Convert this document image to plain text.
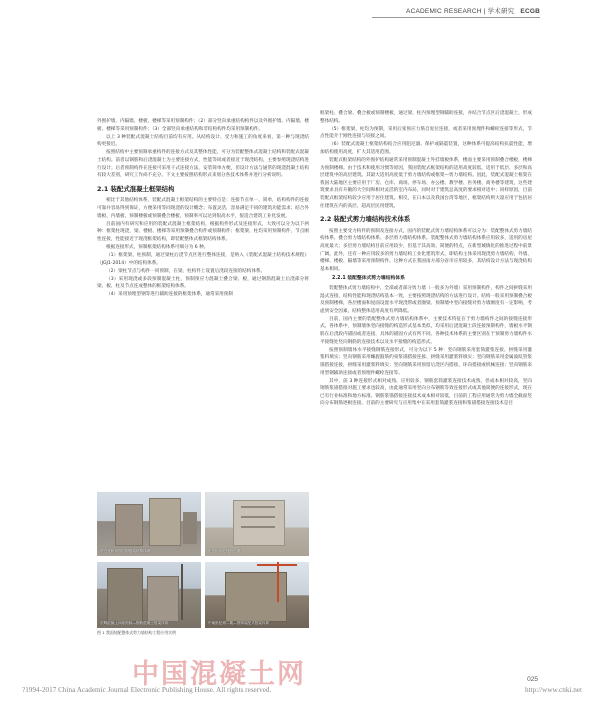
ACADEMIC RESEARCH | 学术研究 ECGB

外围护墙、内隔墙、楼板、楼梯等采用预制构件；（2）部分竖向承重结构构件以及外围护墙、内隔墙、楼板、楼梯等采用预制构件；（3）全部竖向承重结构和非结构构件均采用预制构件。

以上 3 种装配式混凝土结构目前均有应用。从结构设计、受力和施工的角度来看，第一种与现浇结构更接近。

按照结构中主要预制承重构件的连接方式及其整体性能，可分为装配整体式混凝土结构和装配式混凝土结构。前者以钢筋和后浇混凝土为主要连接方式，性能等同或者接近于现浇结构，主要参照现浇结构进行设计；后者预制构件在连接可采用干式连接方法，安装简单方便，但设计方法与通常的现浇混凝土结构有较大差别，研究工作尚不充分。下文主要按照结构形式来划分各技术体系并进行分析说明。

2.1 装配式混凝土框架结构

相比于其他结构体系，装配式混凝土框架结构的主要特点是：连接节点单一、简单，结构构件的连接可靠并容易得到保证，方便采用等同现浇的设计概念；布置灵活，容易满足不同的建筑功能需求；结合外墙板、内墙板、预制楼板或预制叠合楼板，预制率可以达到很高水平，很适合建筑工业化发展。

目前国内有研究和应用的装配式混凝土框架结构，根据构件形式及连接形式，大致可以分为以下两种：框架柱现浇，梁、楼板、楼梯等采用预制叠合构件或预制构件；框架梁、柱均采用预制构件，节点刚性连接，性能接近于现浇框架结构，即装配整体式框架结构体系。

根据连接形式，预制框架结构体系可细分为 6 种。

（1）框架梁、柱预制，通过梁柱后浇节点区进行整体连接，是纳入《装配式混凝土结构技术规程》（JGJ1-2014）中的结构体系。

（2）梁柱节点与构件一同预制，在梁、柱构件上设置后浇段连接的结构体系。

（3）采用现浇或多段预制混凝土柱，预制预应力混凝土叠合梁、板，通过钢筋混凝土后浇部分将梁、板、柱及节点连成整体的框架结构体系。

（4）采用预埋型钢等进行辅助连接的框架体系，通常采用预制

东方花和家园一期框架结构体系	市区污水处理厂一期
宇辉混凝土四家预制—钢筋混凝土框架体系	中南世纪城二期—预制装配式框架体系
图 1 我国装配整体式剪力墙结构工程应用实例

框架柱、叠合梁、叠合板或预制楼板，通过梁、柱内预埋型钢辅助连接，并结合节点区后浇混凝土，形成整体结构。

（5）框架梁、柱均为预制，采用后张预应力筋自复位连接，或者采用预埋件和螺栓连接等形式，节点性能介于刚性连接与铰接之间。

（6）装配式混凝土框架结构结合应用阻尼器、保护或隔震装置，这种体系可提高结构抗震性能，增加结构使用高度，扩大其适用范围。

装配式框架结构的外围护结构通常采用预制混凝土外挂墙板体系，楼面主要采用预制叠合楼板，楼梯为预制楼梯。由于技术和使用习惯等原因，我国装配式框架结构的适用高度较低，适用于低层、多层和高层建筑中的高层建筑。其最大适用高度低于剪力墙结构或框架—剪力墙结构。因此，装配式混凝土框架在我国大陆地区主要应用于厂房、仓库、商场、停车场、办公楼、教学楼、医务楼、商务楼等建筑，这些建筑要求具有开敞的大空间和相对灵活的室内布局，同时对于建筑总高度的要求相对适中；同样原因，目前装配式框架结构较少应用于居住建筑。相反，在日本以及我国台湾等地区，框架结构则大量应用于包括居住建筑在内的高层、超高层民用建筑。

2.2 装配式剪力墙结构技术体系

按照主要受力构件的预制及连接方式，国内的装配式剪力墙结构体系可以分为：装配整体式剪力墙结构体系、叠合剪力墙结构体系、多层剪力墙结构体系。装配整体式剪力墙结构体系应用较多，适用的房屋高度最大；多层剪力墙结构目前应用较少，但基于其高效、简便的特点，在新型城镇化的推进过程中前景广阔。此外，还有一种应用较多的剪力墙结构工业化建筑形式，即结构主体采用现浇剪力墙结构，外墙、楼梯、楼板、隔墙等采用预制构件。这种方式在我国南方部分省市应用较多，其结构设计方法与现浇结构基本相同。

2.2.1 装配整体式剪力墙结构体系

装配整体式剪力墙结构中，全部或者部分剪力墙（一般多为外墙）采用预制构件，构件之间拼缝采用湿式连接，结构性能和现浇结构基本一致，主要按照现浇结构的方法进行设计。结构一般采用预制叠合板及预制楼梯，各层楼面和屋面设置水平现浇带或者圈梁。预制墙中竖向接缝对剪力墙刚度有一定影响，考虑到安全因素，结构整体适用高度有所降低。

目前，国内主要的装配整体式剪力墙结构体系中，主要技术特征在于剪力墙构件之间的接缝连接形式。各体系中，预制墙体竖向接缝的构造形式基本类似，均采用后浇混凝土段连接预制构件，墙板水平钢筋在后浇段内锚固或者连接，具体的锚固方式有所不同。各种技术体系的主要区别在于预制剪力墙构件水平接缝处竖向钢筋的连接技术以及水平接缝的构造形式。

按照预制墙体水平接缝钢筋连接形式，可分为以下 5 种：竖向钢筋采用套筒灌浆连接、拼缝采用灌浆料填实；竖向钢筋采用螺旋箍筋约束浆锚搭接连接、拼缝采用灌浆料填实；竖向钢筋采用金属波纹管浆锚搭接连接，拼缝采用灌浆料填实；竖向钢筋采用预留后浇区内搭接、环向搭接或机械连接；竖向钢筋采用型钢辅助连接或者预埋件螺栓连接等。

其中，前 3 种连接形式相对成熟、应用较多，钢筋套筒灌浆连接技术成熟，但成本相对较高，竖向钢筋浆锚搭接对施工要求也较高，由此通常采用竖向分布钢筋等效连接形式或其他简便的连接形式，现在已有行业标准和地方标准。钢筋浆锚搭接连接技术成本相对较低，目前的工程应用通常为剪力墙全截面竖向分布钢筋逐根连接。目前的主要研究与应用集中在采用套筒灌浆连接和浆锚搭接连接技术是目

中国混凝土网	025
?1994-2017 China Academic Journal Electronic Publishing House. All rights reserved.	http://www.cnki.net
